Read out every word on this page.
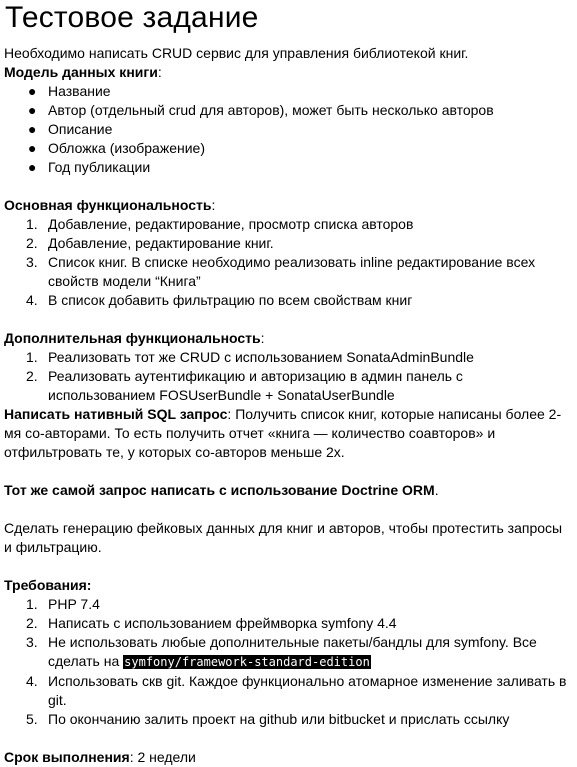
Тестовое задание

Необходимо написать CRUD сервис для управления библиотекой книг.

Модель данных книги:

● Название
● Автор (отдельный crud для авторов), может быть несколько авторов
● Описание
● Обложка (изображение)
● Год публикации

Основная функциональность:

1. Добавление, редактирование, просмотр списка авторов
2. Добавление, редактирование книг.
3. Список книг. В списке необходимо реализовать inline редактирование всех свойств модели “Книга”
4. В список добавить фильтрацию по всем свойствам книг

Дополнительная функциональность:

1. Реализовать тот же CRUD с использованием SonataAdminBundle
2. Реализовать аутентификацию и авторизацию в админ панель с использованием FOSUserBundle + SonataUserBundle

Написать нативный SQL запрос: Получить список книг, которые написаны более 2-мя со-авторами. То есть получить отчет «книга — количество соавторов» и отфильтровать те, у которых со-авторов меньше 2х.

Тот же самой запрос написать с использование Doctrine ORM.

Сделать генерацию фейковых данных для книг и авторов, чтобы протестить запросы и фильтрацию.

Требования:

1. PHP 7.4
2. Написать с использованием фреймворка symfony 4.4
3. Не использовать любые дополнительные пакеты/бандлы для symfony. Все сделать на symfony/framework-standard-edition
4. Использовать скв git. Каждое функционально атомарное изменение заливать в git.
5. По окончанию залить проект на github или bitbucket и прислать ссылку

Срок выполнения: 2 недели
